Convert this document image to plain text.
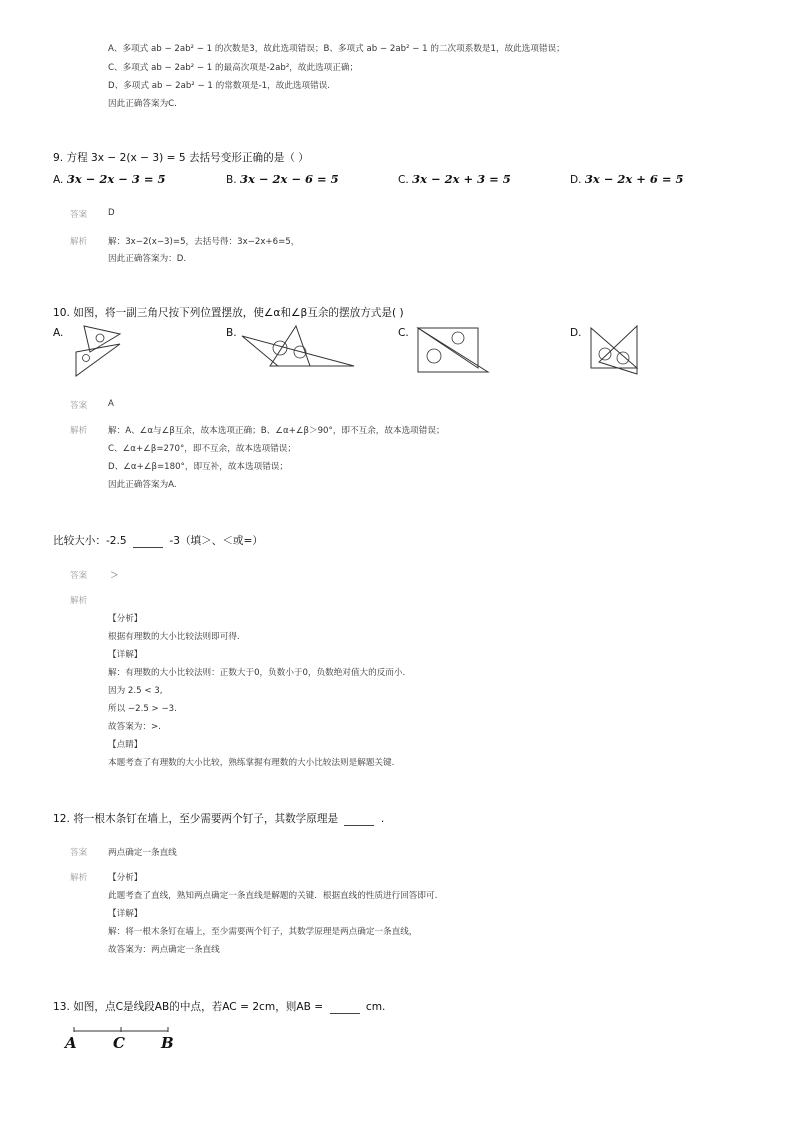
A、多项式 ab − 2ab² − 1 的次数是3，故此选项错误；B、多项式 ab − 2ab² − 1 的二次项系数是1，故此选项错误；
C、多项式 ab − 2ab² − 1 的最高次项是-2ab²，故此选项正确；
D、多项式 ab − 2ab² − 1 的常数项是-1，故此选项错误.
因此正确答案为C.
9. 方程 3x − 2(x − 3) = 5 去括号变形正确的是（ ）
A. 3x − 2x − 3 = 5	B. 3x − 2x − 6 = 5	C. 3x − 2x + 3 = 5	D. 3x − 2x + 6 = 5
答案 D
解析 解：3x−2(x−3)=5，去括号得：3x−2x+6=5，
因此正确答案为：D.
10. 如图，将一副三角尺按下列位置摆放，使∠α和∠β互余的摆放方式是( )
A.	B.	C.	D.
答案 A
解析 解：A、∠α与∠β互余，故本选项正确；B、∠α+∠β＞90°，即不互余，故本选项错误；
C、∠α+∠β=270°，即不互余，故本选项错误；
D、∠α+∠β=180°，即互补，故本选项错误；
因此正确答案为A.
比较大小：-2.5	-3（填＞、＜或=）
答案	＞
解析
【分析】
根据有理数的大小比较法则即可得.
【详解】
解：有理数的大小比较法则：正数大于0，负数小于0，负数绝对值大的反而小.
因为 2.5 < 3,
所以 −2.5 > −3.
故答案为：>.
【点睛】
本题考查了有理数的大小比较，熟练掌握有理数的大小比较法则是解题关键.
12. 将一根木条钉在墙上，至少需要两个钉子，其数学原理是	.
答案 两点确定一条直线
解析 【分析】
此题考查了直线，熟知两点确定一条直线是解题的关键．根据直线的性质进行回答即可.
【详解】
解：将一根木条钉在墙上，至少需要两个钉子，其数学原理是两点确定一条直线，
故答案为：两点确定一条直线
13. 如图，点C是线段AB的中点，若AC = 2cm，则AB =	cm.
A C B
